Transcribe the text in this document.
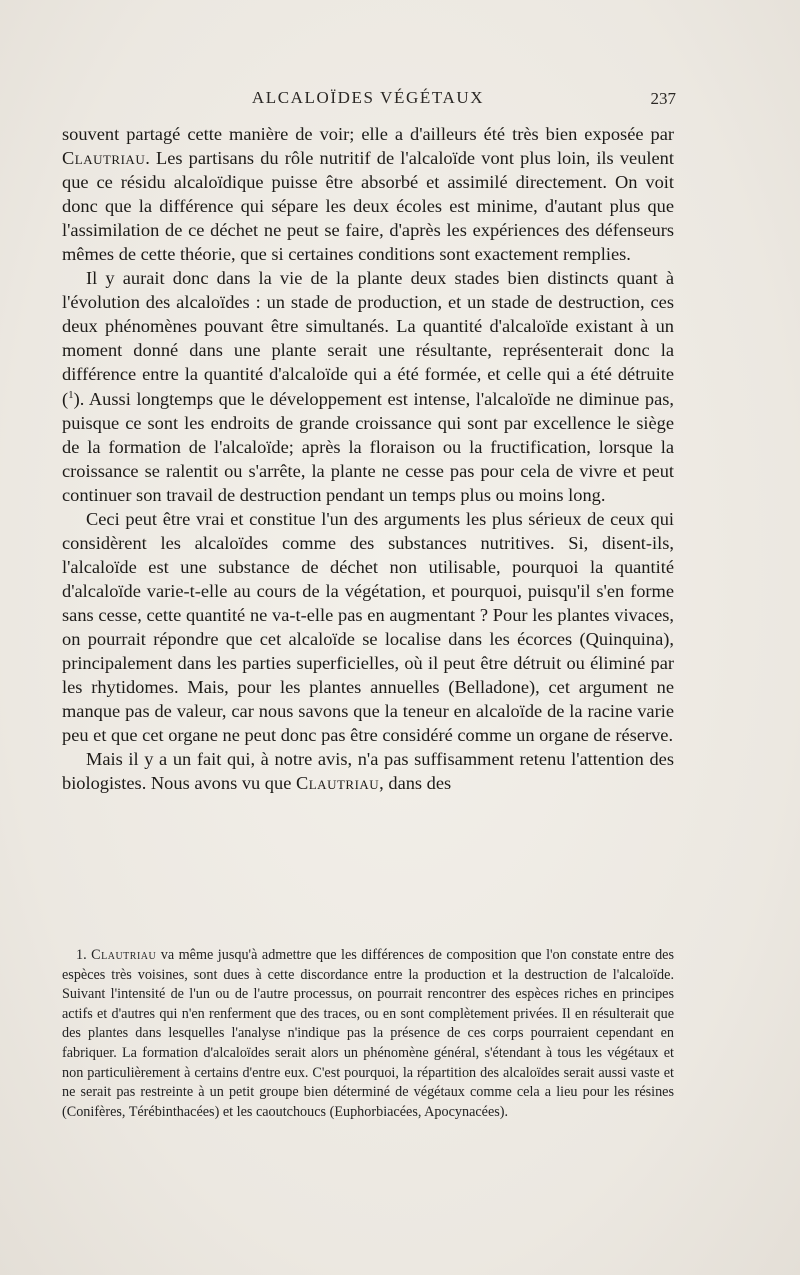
ALCALOÏDES VÉGÉTAUX	237

souvent partagé cette manière de voir; elle a d'ailleurs été très bien exposée par Clautriau. Les partisans du rôle nutritif de l'alcaloïde vont plus loin, ils veulent que ce résidu alcaloïdique puisse être absorbé et assimilé directement. On voit donc que la différence qui sépare les deux écoles est minime, d'autant plus que l'assimilation de ce déchet ne peut se faire, d'après les expériences des défenseurs mêmes de cette théorie, que si certaines conditions sont exactement remplies.

Il y aurait donc dans la vie de la plante deux stades bien distincts quant à l'évolution des alcaloïdes : un stade de production, et un stade de destruction, ces deux phénomènes pouvant être simultanés. La quantité d'alcaloïde existant à un moment donné dans une plante serait une résultante, représenterait donc la différence entre la quantité d'alcaloïde qui a été formée, et celle qui a été détruite ($^1$). Aussi longtemps que le développement est intense, l'alcaloïde ne diminue pas, puisque ce sont les endroits de grande croissance qui sont par excellence le siège de la formation de l'alcaloïde; après la floraison ou la fructification, lorsque la croissance se ralentit ou s'arrête, la plante ne cesse pas pour cela de vivre et peut continuer son travail de destruction pendant un temps plus ou moins long.

Ceci peut être vrai et constitue l'un des arguments les plus sérieux de ceux qui considèrent les alcaloïdes comme des substances nutritives. Si, disent-ils, l'alcaloïde est une substance de déchet non utilisable, pourquoi la quantité d'alcaloïde varie-t-elle au cours de la végétation, et pourquoi, puisqu'il s'en forme sans cesse, cette quantité ne va-t-elle pas en augmentant ? Pour les plantes vivaces, on pourrait répondre que cet alcaloïde se localise dans les écorces (Quinquina), principalement dans les parties superficielles, où il peut être détruit ou éliminé par les rhytidomes. Mais, pour les plantes annuelles (Belladone), cet argument ne manque pas de valeur, car nous savons que la teneur en alcaloïde de la racine varie peu et que cet organe ne peut donc pas être considéré comme un organe de réserve.

Mais il y a un fait qui, à notre avis, n'a pas suffisamment retenu l'attention des biologistes. Nous avons vu que Clautriau, dans des

1. Clautriau va même jusqu'à admettre que les différences de composition que l'on constate entre des espèces très voisines, sont dues à cette discordance entre la production et la destruction de l'alcaloïde. Suivant l'intensité de l'un ou de l'autre processus, on pourrait rencontrer des espèces riches en principes actifs et d'autres qui n'en renferment que des traces, ou en sont complètement privées. Il en résulterait que des plantes dans lesquelles l'analyse n'indique pas la présence de ces corps pourraient cependant en fabriquer. La formation d'alcaloïdes serait alors un phénomène général, s'étendant à tous les végétaux et non particulièrement à certains d'entre eux. C'est pourquoi, la répartition des alcaloïdes serait aussi vaste et ne serait pas restreinte à un petit groupe bien déterminé de végétaux comme cela a lieu pour les résines (Conifères, Térébinthacées) et les caoutchoucs (Euphorbiacées, Apocynacées).
